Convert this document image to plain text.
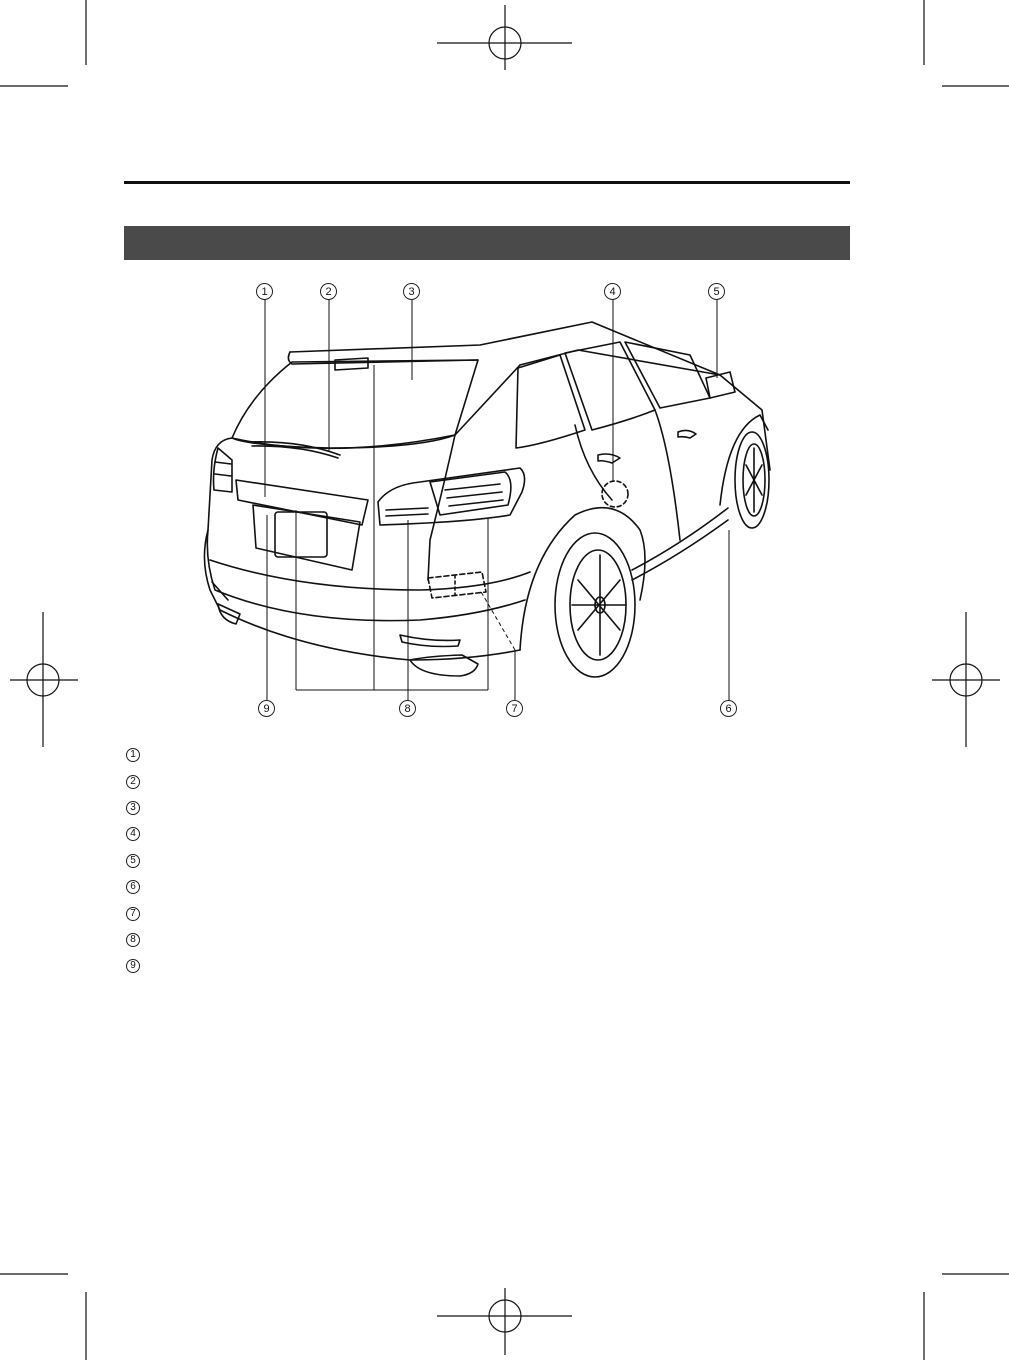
1	2	3	4	5
6
7
8
9
1
2
3
4
5
6
7
8
9
